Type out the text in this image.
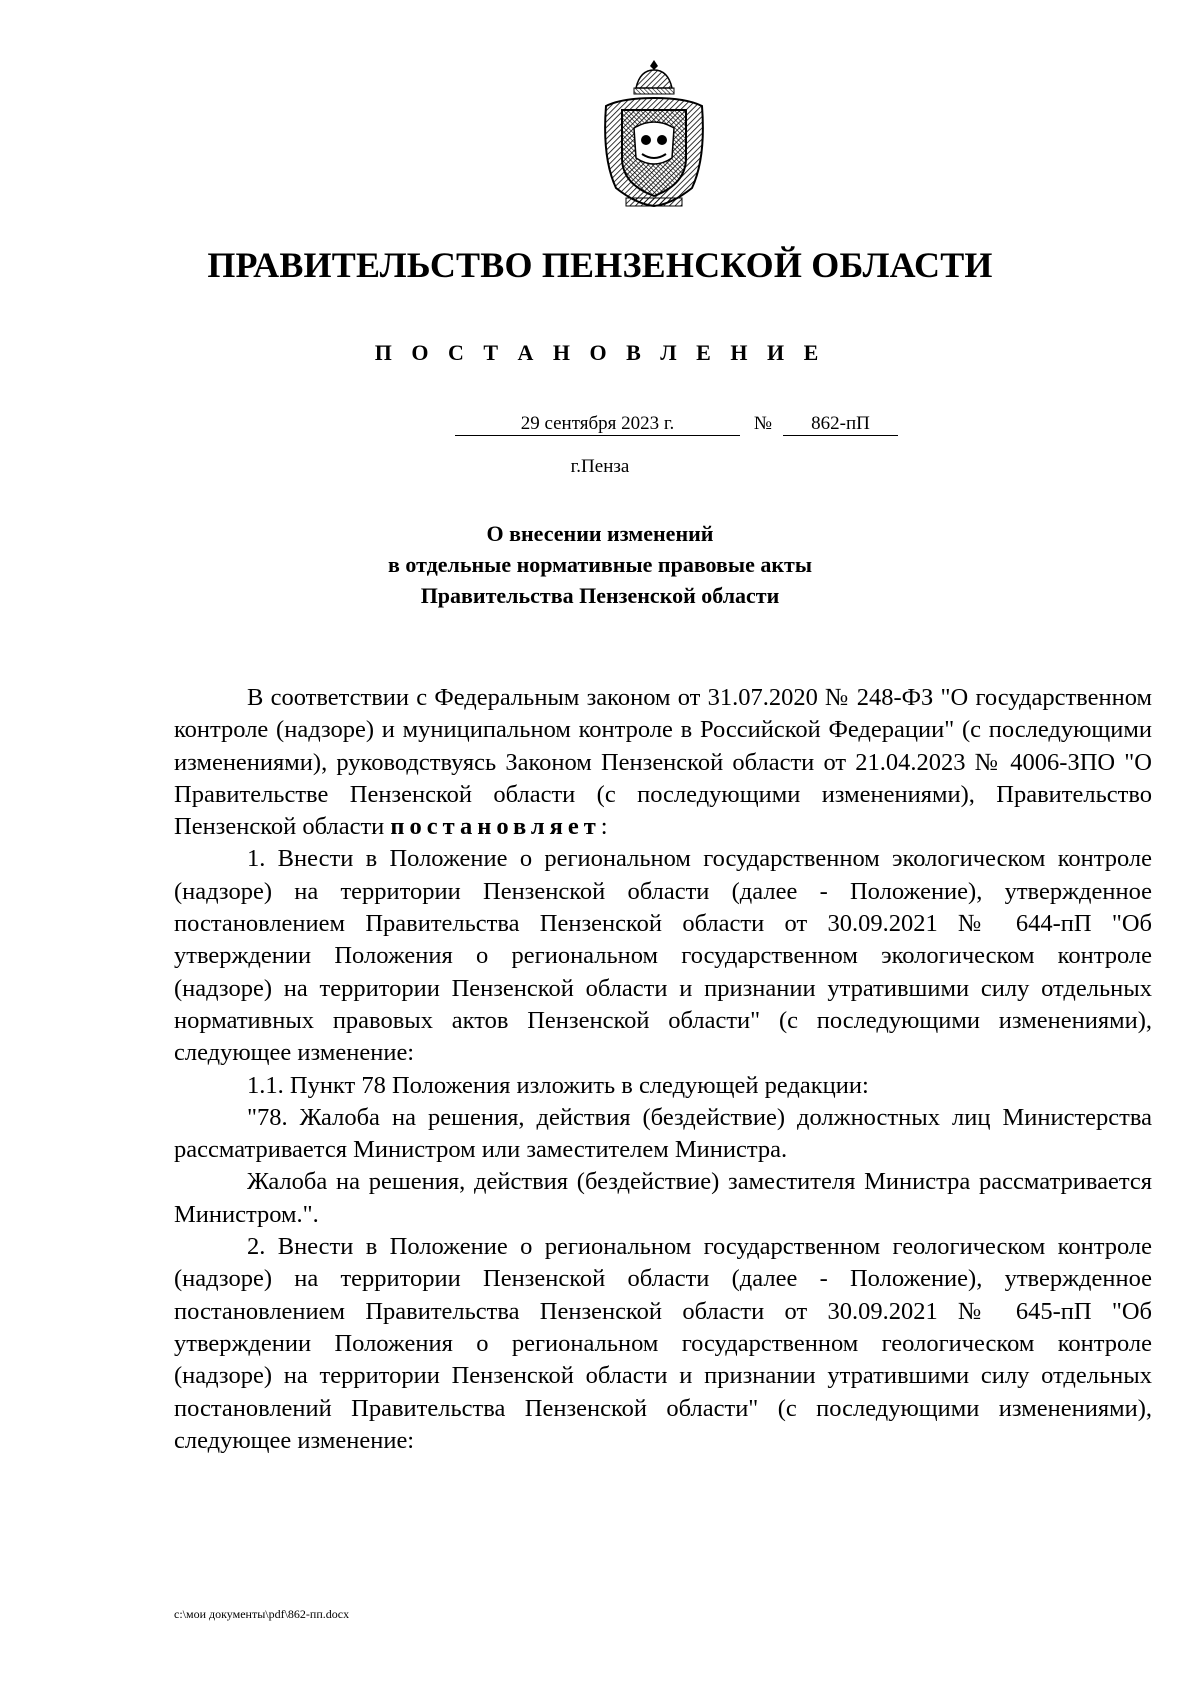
ПРАВИТЕЛЬСТВО ПЕНЗЕНСКОЙ ОБЛАСТИ
П О С Т А Н О В Л Е Н И Е
29 сентября 2023 г.	№	862-пП
г.Пенза
О внесении изменений
в отдельные нормативные правовые акты
Правительства Пензенской области

В соответствии с Федеральным законом от 31.07.2020 № 248-ФЗ "О государственном контроле (надзоре) и муниципальном контроле в Российской Федерации" (с последующими изменениями), руководствуясь Законом Пензенской области от 21.04.2023 № 4006-ЗПО "О Правительстве Пензенской области (с последующими изменениями), Правительство Пензенской области постановляет:

1. Внести в Положение о региональном государственном экологическом контроле (надзоре) на территории Пензенской области (далее - Положение), утвержденное постановлением Правительства Пензенской области от 30.09.2021 № 644-пП "Об утверждении Положения о региональном государственном экологическом контроле (надзоре) на территории Пензенской области и признании утратившими силу отдельных нормативных правовых актов Пензенской области" (с последующими изменениями), следующее изменение:

1.1. Пункт 78 Положения изложить в следующей редакции:

"78. Жалоба на решения, действия (бездействие) должностных лиц Министерства рассматривается Министром или заместителем Министра.

Жалоба на решения, действия (бездействие) заместителя Министра рассматривается Министром.".

2. Внести в Положение о региональном государственном геологическом контроле (надзоре) на территории Пензенской области (далее - Положение), утвержденное постановлением Правительства Пензенской области от 30.09.2021 № 645-пП "Об утверждении Положения о региональном государственном геологическом контроле (надзоре) на территории Пензенской области и признании утратившими силу отдельных постановлений Правительства Пензенской области" (с последующими изменениями), следующее изменение:

c:\мои документы\pdf\862-пп.docx
